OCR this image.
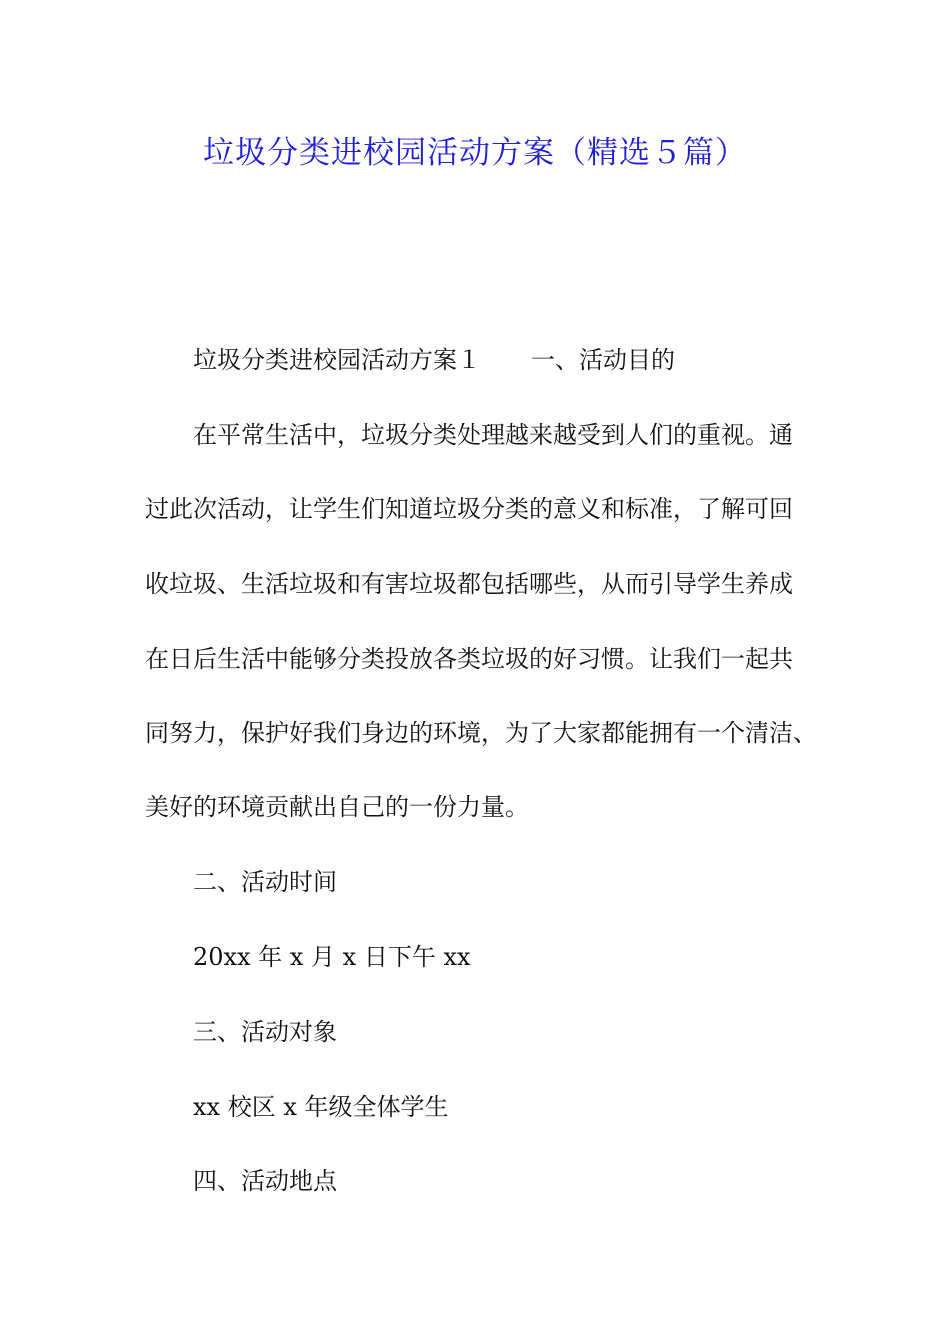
垃圾分类进校园活动方案（精选５篇）
垃圾分类进校园活动方案１ 一、活动目的
在平常生活中，垃圾分类处理越来越受到人们的重视。通
过此次活动，让学生们知道垃圾分类的意义和标准，了解可回
收垃圾、生活垃圾和有害垃圾都包括哪些，从而引导学生养成
在日后生活中能够分类投放各类垃圾的好习惯。让我们一起共
同努力，保护好我们身边的环境，为了大家都能拥有一个清洁、
美好的环境贡献出自己的一份力量。
二、活动时间
20xx 年 x 月 x 日下午 xx
三、活动对象
xx 校区 x 年级全体学生
四、活动地点
